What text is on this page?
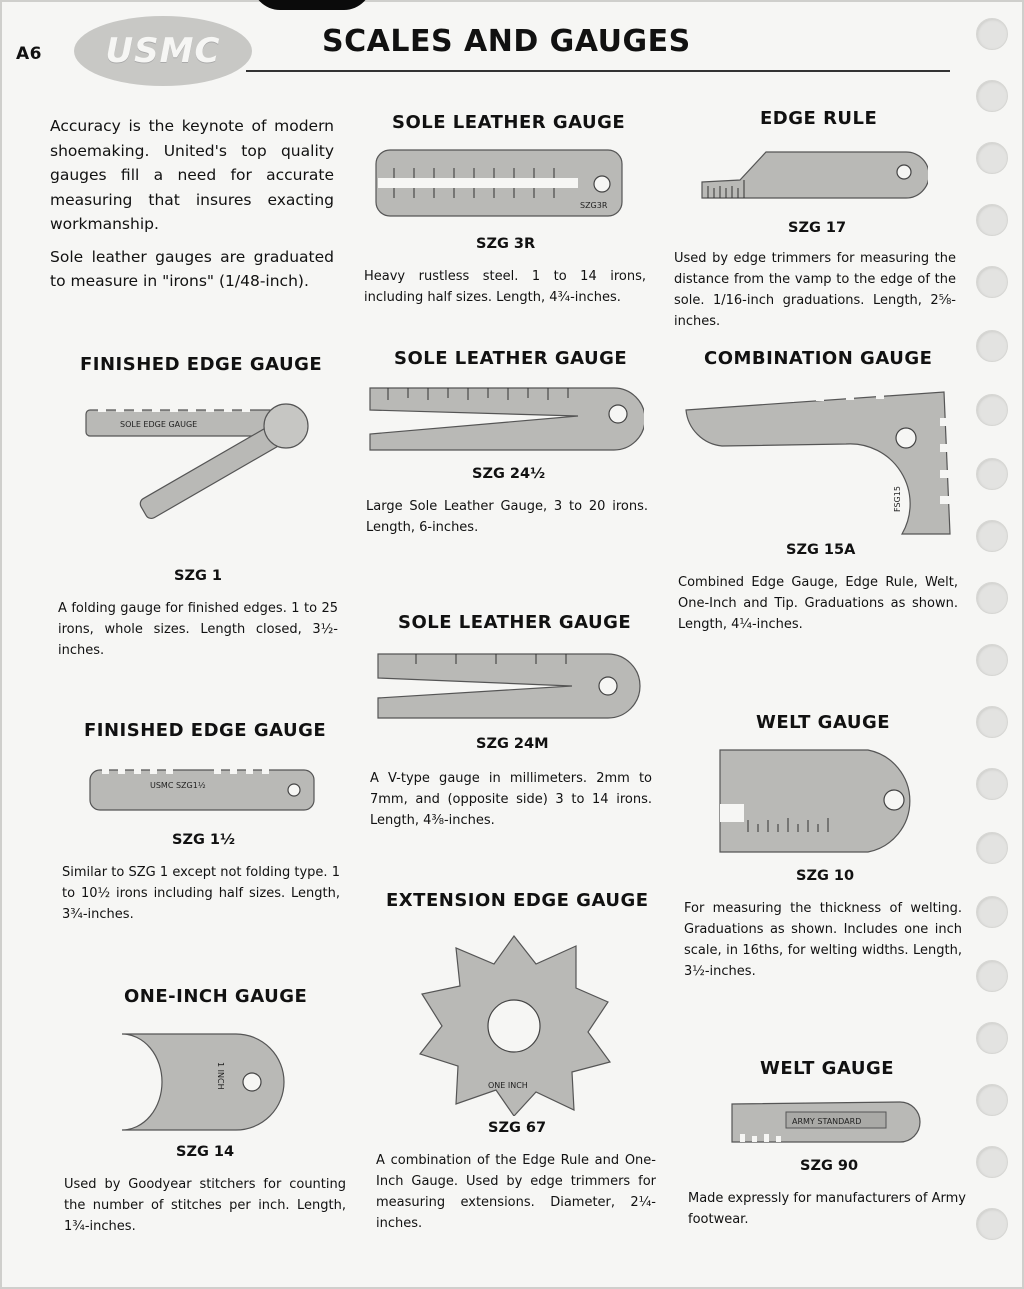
A6 USMC	SCALES AND GAUGES

Accuracy is the keynote of modern shoemaking. United's top quality gauges fill a need for accurate measuring that insures exacting workmanship.

Sole leather gauges are graduated to measure in "irons" (1/48-inch).

FINISHED EDGE GAUGE
SOLE EDGE GAUGE
SZG 1
A folding gauge for finished edges. 1 to 25 irons, whole sizes. Length closed, 3½-inches.
FINISHED EDGE GAUGE
USMC SZG1½
SZG 1½
Similar to SZG 1 except not folding type. 1 to 10½ irons including half sizes. Length, 3¾-inches.
ONE-INCH GAUGE
1 INCH
SZG 14
Used by Goodyear stitchers for counting the number of stitches per inch. Length, 1¾-inches.
SOLE LEATHER GAUGE
SZG3R
SZG 3R
Heavy rustless steel. 1 to 14 irons, including half sizes. Length, 4¾-inches.
SOLE LEATHER GAUGE
SZG 24½
Large Sole Leather Gauge, 3 to 20 irons. Length, 6-inches.
SOLE LEATHER GAUGE
SZG 24M
A V-type gauge in millimeters. 2mm to 7mm, and (opposite side) 3 to 14 irons. Length, 4⅜-inches.
EXTENSION EDGE GAUGE
ONE INCH
SZG 67
A combination of the Edge Rule and One-Inch Gauge. Used by edge trimmers for measuring extensions. Diameter, 2¼-inches.
EDGE RULE
SZG 17
Used by edge trimmers for measuring the distance from the vamp to the edge of the sole. 1/16-inch graduations. Length, 2⅝-inches.
COMBINATION GAUGE
FSG15
SZG 15A
Combined Edge Gauge, Edge Rule, Welt, One-Inch and Tip. Graduations as shown. Length, 4¼-inches.
WELT GAUGE
SZG 10
For measuring the thickness of welting. Graduations as shown. Includes one inch scale, in 16ths, for welting widths. Length, 3½-inches.
WELT GAUGE
ARMY STANDARD
SZG 90
Made expressly for manufacturers of Army footwear.
